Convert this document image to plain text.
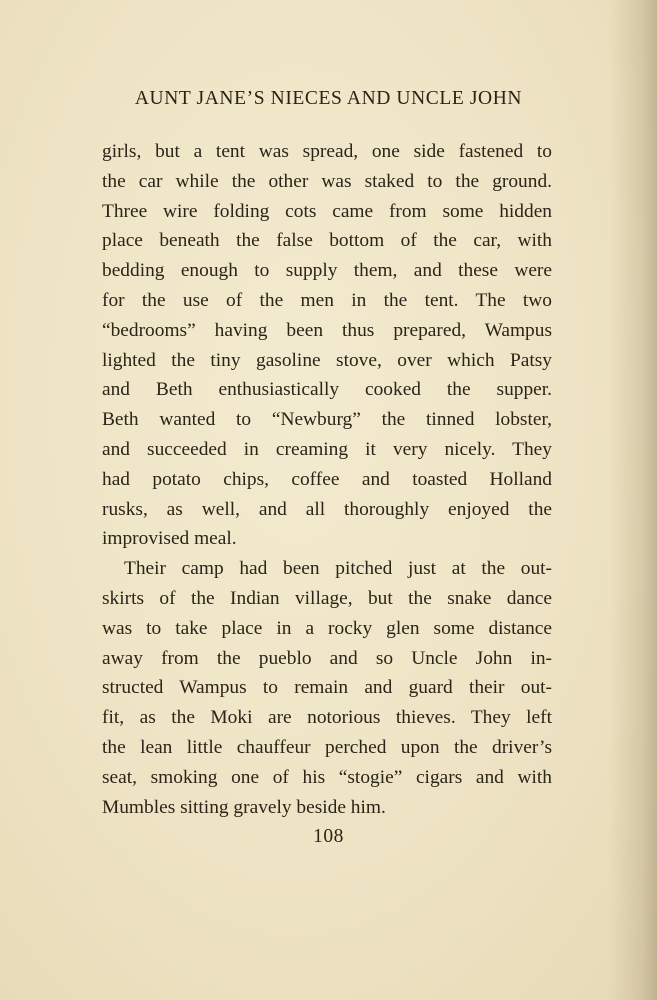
AUNT JANE’S NIECES AND UNCLE JOHN
girls, but a tent was spread, one side fastened to
the car while the other was staked to the ground.
Three wire folding cots came from some hidden
place beneath the false bottom of the car, with
bedding enough to supply them, and these were
for the use of the men in the tent. The two
“bedrooms” having been thus prepared, Wampus
lighted the tiny gasoline stove, over which Patsy
and Beth enthusiastically cooked the supper.
Beth wanted to “Newburg” the tinned lobster,
and succeeded in creaming it very nicely. They
had potato chips, coffee and toasted Holland
rusks, as well, and all thoroughly enjoyed the
improvised meal.
Their camp had been pitched just at the out-
skirts of the Indian village, but the snake dance
was to take place in a rocky glen some distance
away from the pueblo and so Uncle John in-
structed Wampus to remain and guard their out-
fit, as the Moki are notorious thieves. They left
the lean little chauffeur perched upon the driver’s
seat, smoking one of his “stogie” cigars and with
Mumbles sitting gravely beside him.
108
